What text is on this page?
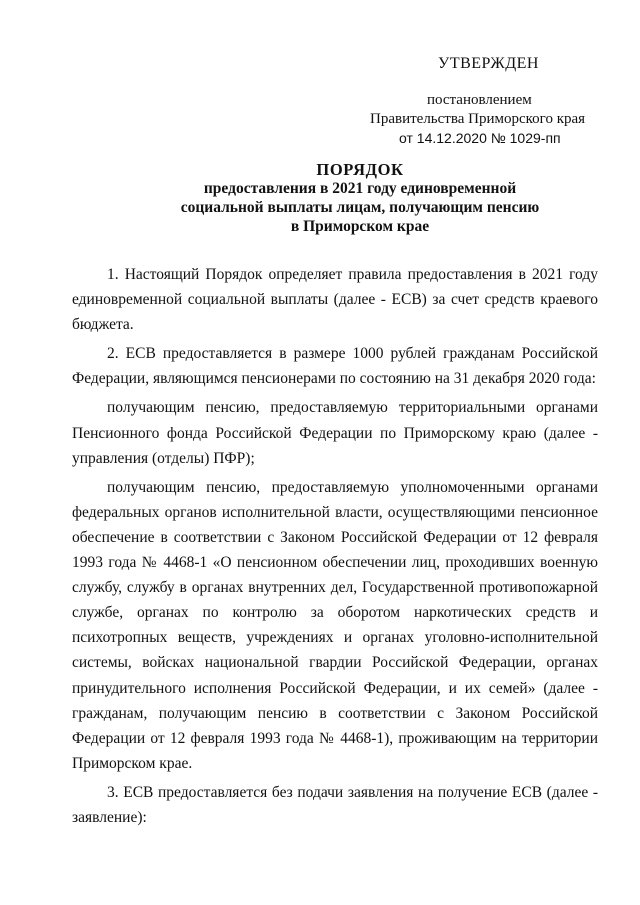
УТВЕРЖДЕН
постановлением
Правительства Приморского края
от 14.12.2020 № 1029-пп
ПОРЯДОК
предоставления в 2021 году единовременной
социальной выплаты лицам, получающим пенсию
в Приморском крае

1. Настоящий Порядок определяет правила предоставления в 2021 году единовременной социальной выплаты (далее - ЕСВ) за счет средств краевого бюджета.

2. ЕСВ предоставляется в размере 1000 рублей гражданам Российской Федерации, являющимся пенсионерами по состоянию на 31 декабря 2020 года:

получающим пенсию, предоставляемую территориальными органами Пенсионного фонда Российской Федерации по Приморскому краю (далее - управления (отделы) ПФР);

получающим пенсию, предоставляемую уполномоченными органами федеральных органов исполнительной власти, осуществляющими пенсионное обеспечение в соответствии с Законом Российской Федерации от 12 февраля 1993 года № 4468-1 «О пенсионном обеспечении лиц, проходивших военную службу, службу в органах внутренних дел, Государственной противопожарной службе, органах по контролю за оборотом наркотических средств и психотропных веществ, учреждениях и органах уголовно-исполнительной системы, войсках национальной гвардии Российской Федерации, органах принудительного исполнения Российской Федерации, и их семей» (далее - гражданам, получающим пенсию в соответствии с Законом Российской Федерации от 12 февраля 1993 года № 4468-1), проживающим на территории Приморском крае.

3. ЕСВ предоставляется без подачи заявления на получение ЕСВ (далее - заявление):
